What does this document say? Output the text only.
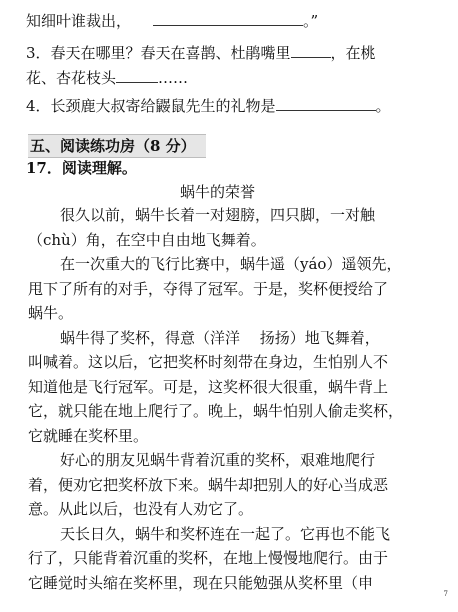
知细叶谁裁出，	。”
3．春天在哪里？春天在喜鹊、杜鹃嘴里	，在桃
花、杏花枝头	……
4．长颈鹿大叔寄给鼹鼠先生的礼物是	。
五、阅读练功房（8 分）
17．阅读理解。
蜗牛的荣誉
很久以前，蜗牛长着一对翅膀，四只脚，一对触
（chù）角，在空中自由地飞舞着。
在一次重大的飞行比赛中，蜗牛遥（yáo）遥领先，
甩下了所有的对手，夺得了冠军。于是，奖杯便授给了
蜗牛。
蜗牛得了奖杯，得意（洋洋　 扬扬）地飞舞着，
叫喊着。这以后，它把奖杯时刻带在身边，生怕别人不
知道他是飞行冠军。可是，这奖杯很大很重，蜗牛背上
它，就只能在地上爬行了。晚上，蜗牛怕别人偷走奖杯，
它就睡在奖杯里。
好心的朋友见蜗牛背着沉重的奖杯，艰难地爬行
着，便劝它把奖杯放下来。蜗牛却把别人的好心当成恶
意。从此以后，也没有人劝它了。
天长日久，蜗牛和奖杯连在一起了。它再也不能飞
行了，只能背着沉重的奖杯，在地上慢慢地爬行。由于
它睡觉时头缩在奖杯里，现在只能勉强从奖杯里（申
7
